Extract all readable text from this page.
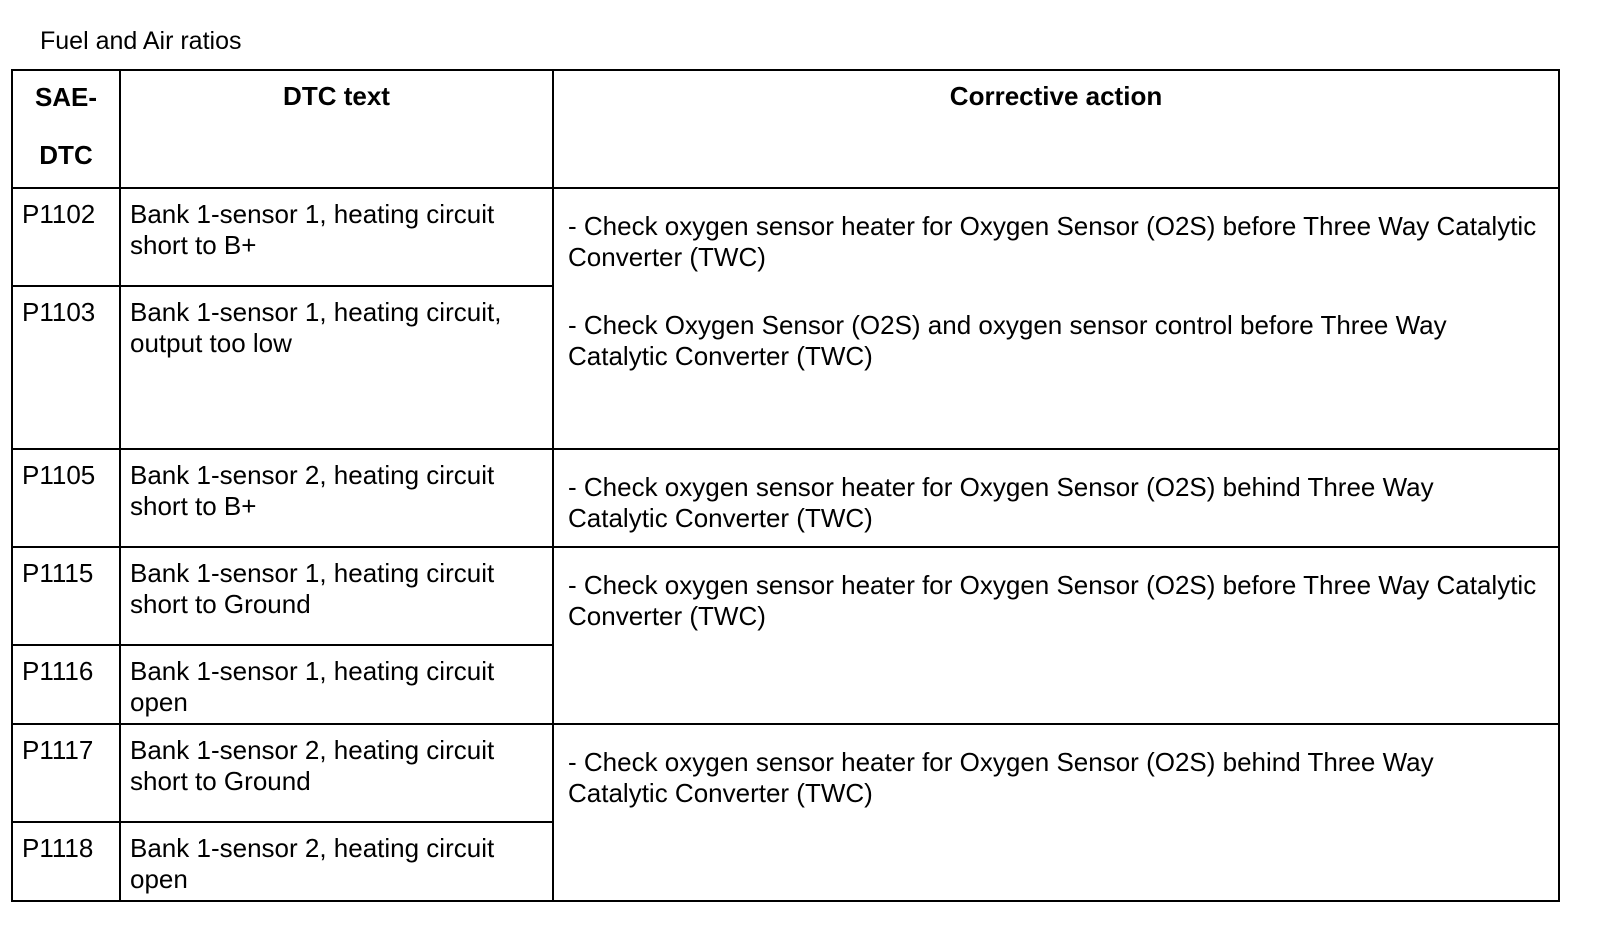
Fuel and Air ratios
SAE-
DTC	DTC text	Corrective action

P1102	Bank 1-sensor 1, heating circuit short to B+	- Check oxygen sensor heater for Oxygen Sensor (O2S) before Three Way Catalytic Converter (TWC)
- Check Oxygen Sensor (O2S) and oxygen sensor control before Three Way Catalytic Converter (TWC)

P1103	Bank 1-sensor 1, heating circuit, output too low	
P1105	Bank 1-sensor 2, heating circuit short to B+	- Check oxygen sensor heater for Oxygen Sensor (O2S) behind Three Way Catalytic Converter (TWC)

P1115	Bank 1-sensor 1, heating circuit short to Ground	- Check oxygen sensor heater for Oxygen Sensor (O2S) before Three Way Catalytic Converter (TWC)

P1116	Bank 1-sensor 1, heating circuit open	
P1117	Bank 1-sensor 2, heating circuit short to Ground	- Check oxygen sensor heater for Oxygen Sensor (O2S) behind Three Way Catalytic Converter (TWC)

P1118	Bank 1-sensor 2, heating circuit open	
